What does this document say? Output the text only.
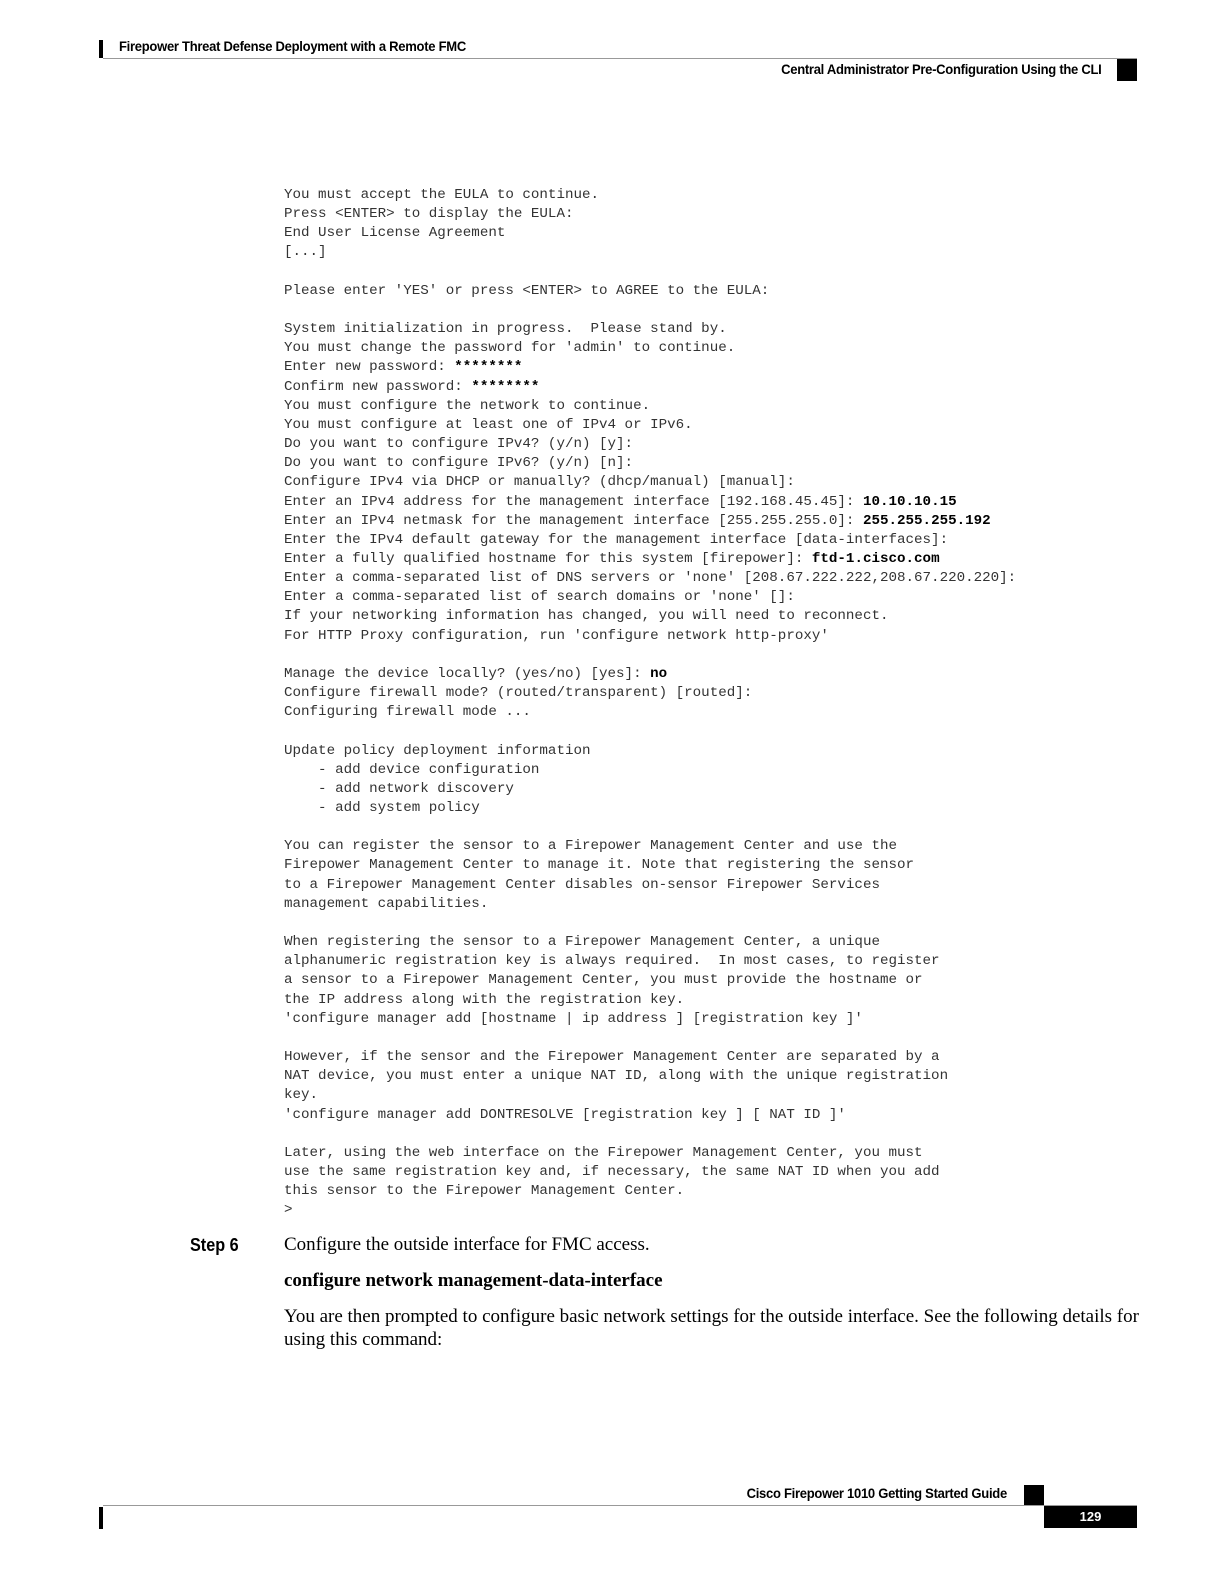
Firepower Threat Defense Deployment with a Remote FMC
Central Administrator Pre-Configuration Using the CLI
You must accept the EULA to continue.
Press <ENTER> to display the EULA:
End User License Agreement
[...]

Please enter 'YES' or press <ENTER> to AGREE to the EULA:

System initialization in progress.  Please stand by.
You must change the password for 'admin' to continue.
Enter new password: ********
Confirm new password: ********
You must configure the network to continue.
You must configure at least one of IPv4 or IPv6.
Do you want to configure IPv4? (y/n) [y]:
Do you want to configure IPv6? (y/n) [n]:
Configure IPv4 via DHCP or manually? (dhcp/manual) [manual]:
Enter an IPv4 address for the management interface [192.168.45.45]: 10.10.10.15
Enter an IPv4 netmask for the management interface [255.255.255.0]: 255.255.255.192
Enter the IPv4 default gateway for the management interface [data-interfaces]:
Enter a fully qualified hostname for this system [firepower]: ftd-1.cisco.com
Enter a comma-separated list of DNS servers or 'none' [208.67.222.222,208.67.220.220]:
Enter a comma-separated list of search domains or 'none' []:
If your networking information has changed, you will need to reconnect.
For HTTP Proxy configuration, run 'configure network http-proxy'

Manage the device locally? (yes/no) [yes]: no
Configure firewall mode? (routed/transparent) [routed]:
Configuring firewall mode ...

Update policy deployment information
- add device configuration
- add network discovery
- add system policy

You can register the sensor to a Firepower Management Center and use the
Firepower Management Center to manage it. Note that registering the sensor
to a Firepower Management Center disables on-sensor Firepower Services
management capabilities.

When registering the sensor to a Firepower Management Center, a unique
alphanumeric registration key is always required.  In most cases, to register
a sensor to a Firepower Management Center, you must provide the hostname or
the IP address along with the registration key.
'configure manager add [hostname | ip address ] [registration key ]'

However, if the sensor and the Firepower Management Center are separated by a
NAT device, you must enter a unique NAT ID, along with the unique registration
key.
'configure manager add DONTRESOLVE [registration key ] [ NAT ID ]'

Later, using the web interface on the Firepower Management Center, you must
use the same registration key and, if necessary, the same NAT ID when you add
this sensor to the Firepower Management Center.
>
Step 6 Configure the outside interface for FMC access.
configure network management-data-interface
You are then prompted to configure basic network settings for the outside interface. See the following details for using this command:
Cisco Firepower 1010 Getting Started Guide
129
